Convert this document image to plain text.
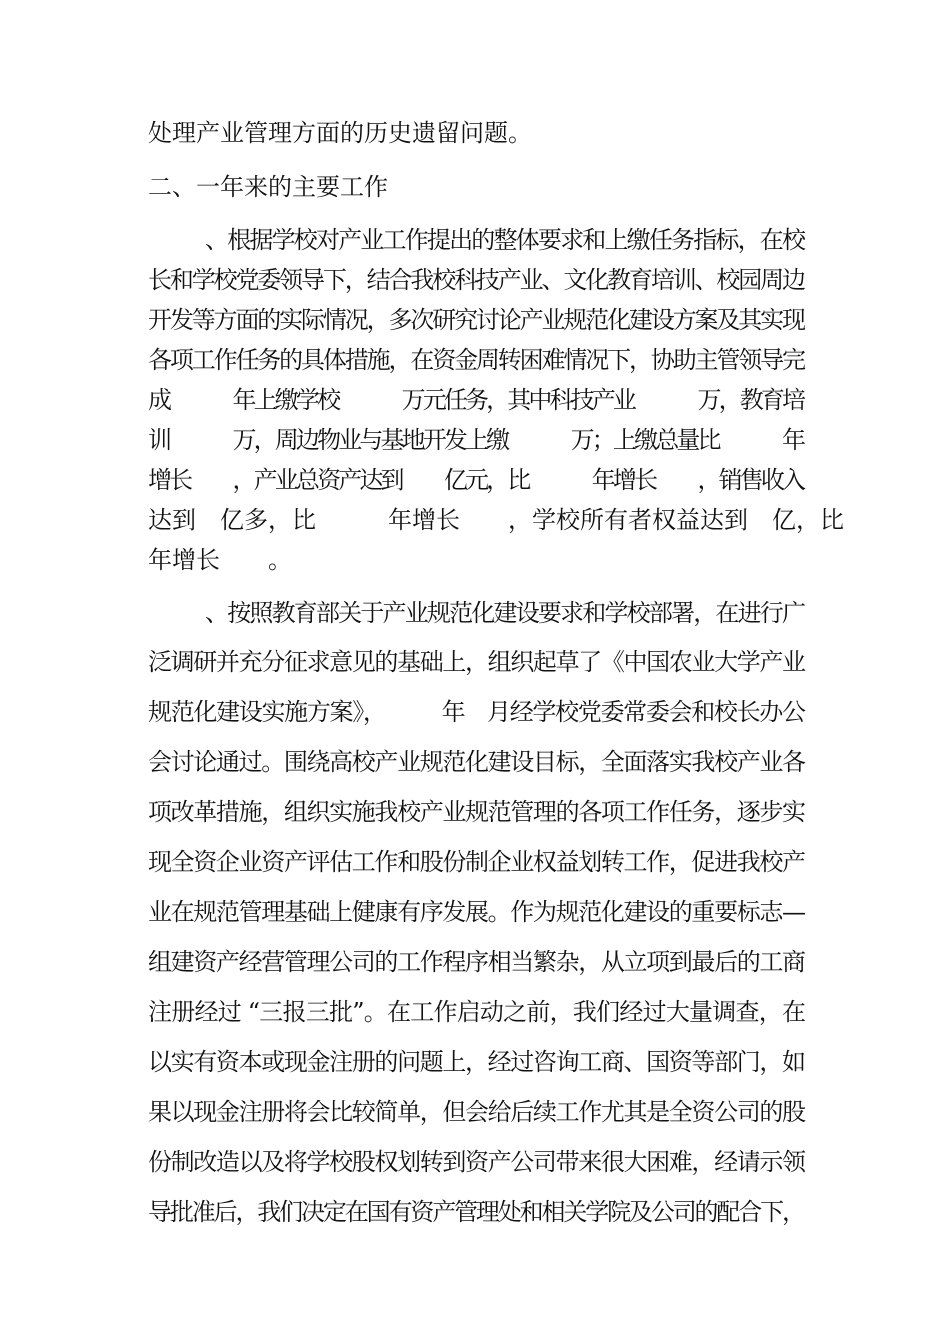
处理产业管理方面的历史遗留问题。

二、一年来的主要工作

、根据学校对产业工作提出的整体要求和上缴任务指标，在校

长和学校党委领导下，结合我校科技产业、文化教育培训、校园周边

开发等方面的实际情况，多次研究讨论产业规范化建设方案及其实现

各项工作任务的具体措施，在资金周转困难情况下，协助主管领导完

成　　　年上缴学校　　　万元任务，其中科技产业　　　万，教育培

训　　　万，周边物业与基地开发上缴　　　万；上缴总量比　　　年

增长　　，产业总资产达到　　亿元，比　　　年增长　　，销售收入

达到　亿多，比　　　年增长　　，学校所有者权益达到　亿，比

年增长　　。

、按照教育部关于产业规范化建设要求和学校部署，在进行广

泛调研并充分征求意见的基础上，组织起草了《中国农业大学产业

规范化建设实施方案》，　　　年　月经学校党委常委会和校长办公

会讨论通过。围绕高校产业规范化建设目标，全面落实我校产业各

项改革措施，组织实施我校产业规范管理的各项工作任务，逐步实

现全资企业资产评估工作和股份制企业权益划转工作，促进我校产

业在规范管理基础上健康有序发展。作为规范化建设的重要标志—

组建资产经营管理公司的工作程序相当繁杂，从立项到最后的工商

注册经过 “三报三批”。在工作启动之前，我们经过大量调查，在

以实有资本或现金注册的问题上，经过咨询工商、国资等部门，如

果以现金注册将会比较简单，但会给后续工作尤其是全资公司的股

份制改造以及将学校股权划转到资产公司带来很大困难，经请示领

导批准后，我们决定在国有资产管理处和相关学院及公司的配合下，
